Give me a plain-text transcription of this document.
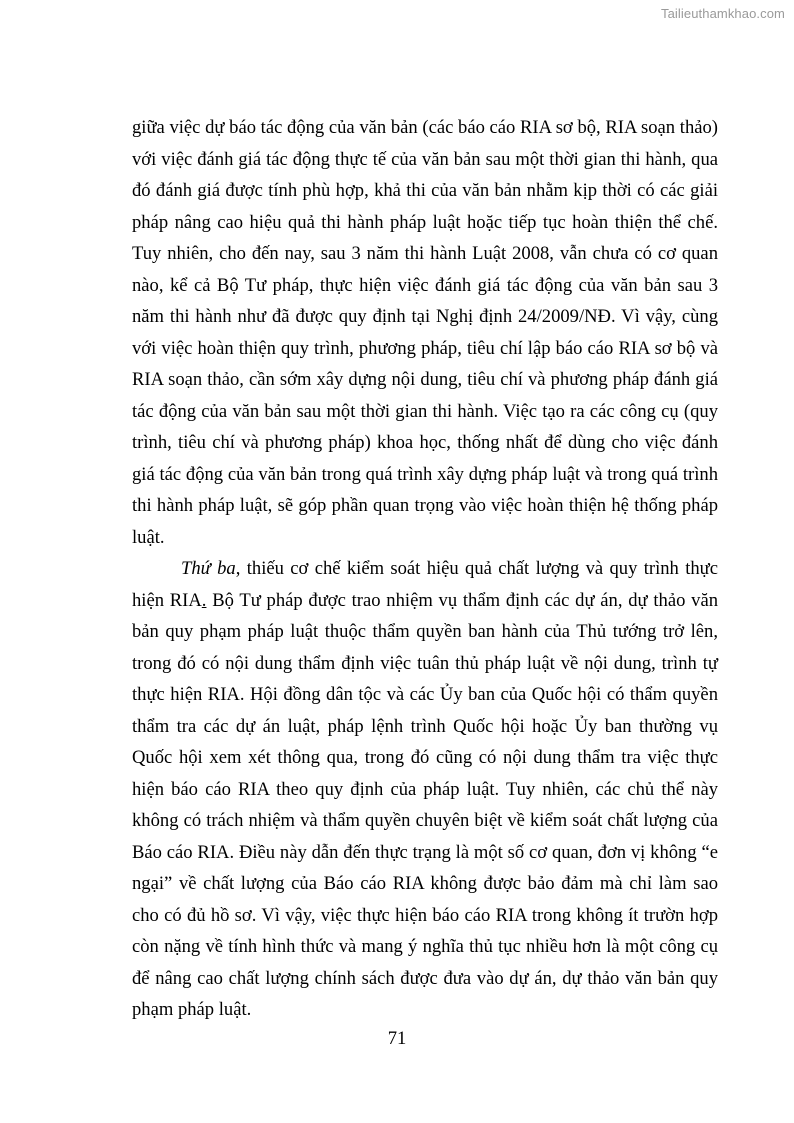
Tailieuthamkhao.com

giữa việc dự báo tác động của văn bản (các báo cáo RIA sơ bộ, RIA soạn thảo) với việc đánh giá tác động thực tế của văn bản sau một thời gian thi hành, qua đó đánh giá được tính phù hợp, khả thi của văn bản nhằm kịp thời có các giải pháp nâng cao hiệu quả thi hành pháp luật hoặc tiếp tục hoàn thiện thể chế. Tuy nhiên, cho đến nay, sau 3 năm thi hành Luật 2008, vẫn chưa có cơ quan nào, kể cả Bộ Tư pháp, thực hiện việc đánh giá tác động của văn bản sau 3 năm thi hành như đã được quy định tại Nghị định 24/2009/NĐ. Vì vậy, cùng với việc hoàn thiện quy trình, phương pháp, tiêu chí lập báo cáo RIA sơ bộ và RIA soạn thảo, cần sớm xây dựng nội dung, tiêu chí và phương pháp đánh giá tác động của văn bản sau một thời gian thi hành. Việc tạo ra các công cụ (quy trình, tiêu chí và phương pháp) khoa học, thống nhất để dùng cho việc đánh giá tác động của văn bản trong quá trình xây dựng pháp luật và trong quá trình thi hành pháp luật, sẽ góp phần quan trọng vào việc hoàn thiện hệ thống pháp luật.

Thứ ba, thiếu cơ chế kiểm soát hiệu quả chất lượng và quy trình thực hiện RIA. Bộ Tư pháp được trao nhiệm vụ thẩm định các dự án, dự thảo văn bản quy phạm pháp luật thuộc thẩm quyền ban hành của Thủ tướng trở lên, trong đó có nội dung thẩm định việc tuân thủ pháp luật về nội dung, trình tự thực hiện RIA. Hội đồng dân tộc và các Ủy ban của Quốc hội có thẩm quyền thẩm tra các dự án luật, pháp lệnh trình Quốc hội hoặc Ủy ban thường vụ Quốc hội xem xét thông qua, trong đó cũng có nội dung thẩm tra việc thực hiện báo cáo RIA theo quy định của pháp luật. Tuy nhiên, các chủ thể này không có trách nhiệm và thẩm quyền chuyên biệt về kiểm soát chất lượng của Báo cáo RIA. Điều này dẫn đến thực trạng là một số cơ quan, đơn vị không “e ngại” về chất lượng của Báo cáo RIA không được bảo đảm mà chỉ làm sao cho có đủ hồ sơ. Vì vậy, việc thực hiện báo cáo RIA trong không ít trườn hợp còn nặng về tính hình thức và mang ý nghĩa thủ tục nhiều hơn là một công cụ để nâng cao chất lượng chính sách được đưa vào dự án, dự thảo văn bản quy phạm pháp luật.

71
